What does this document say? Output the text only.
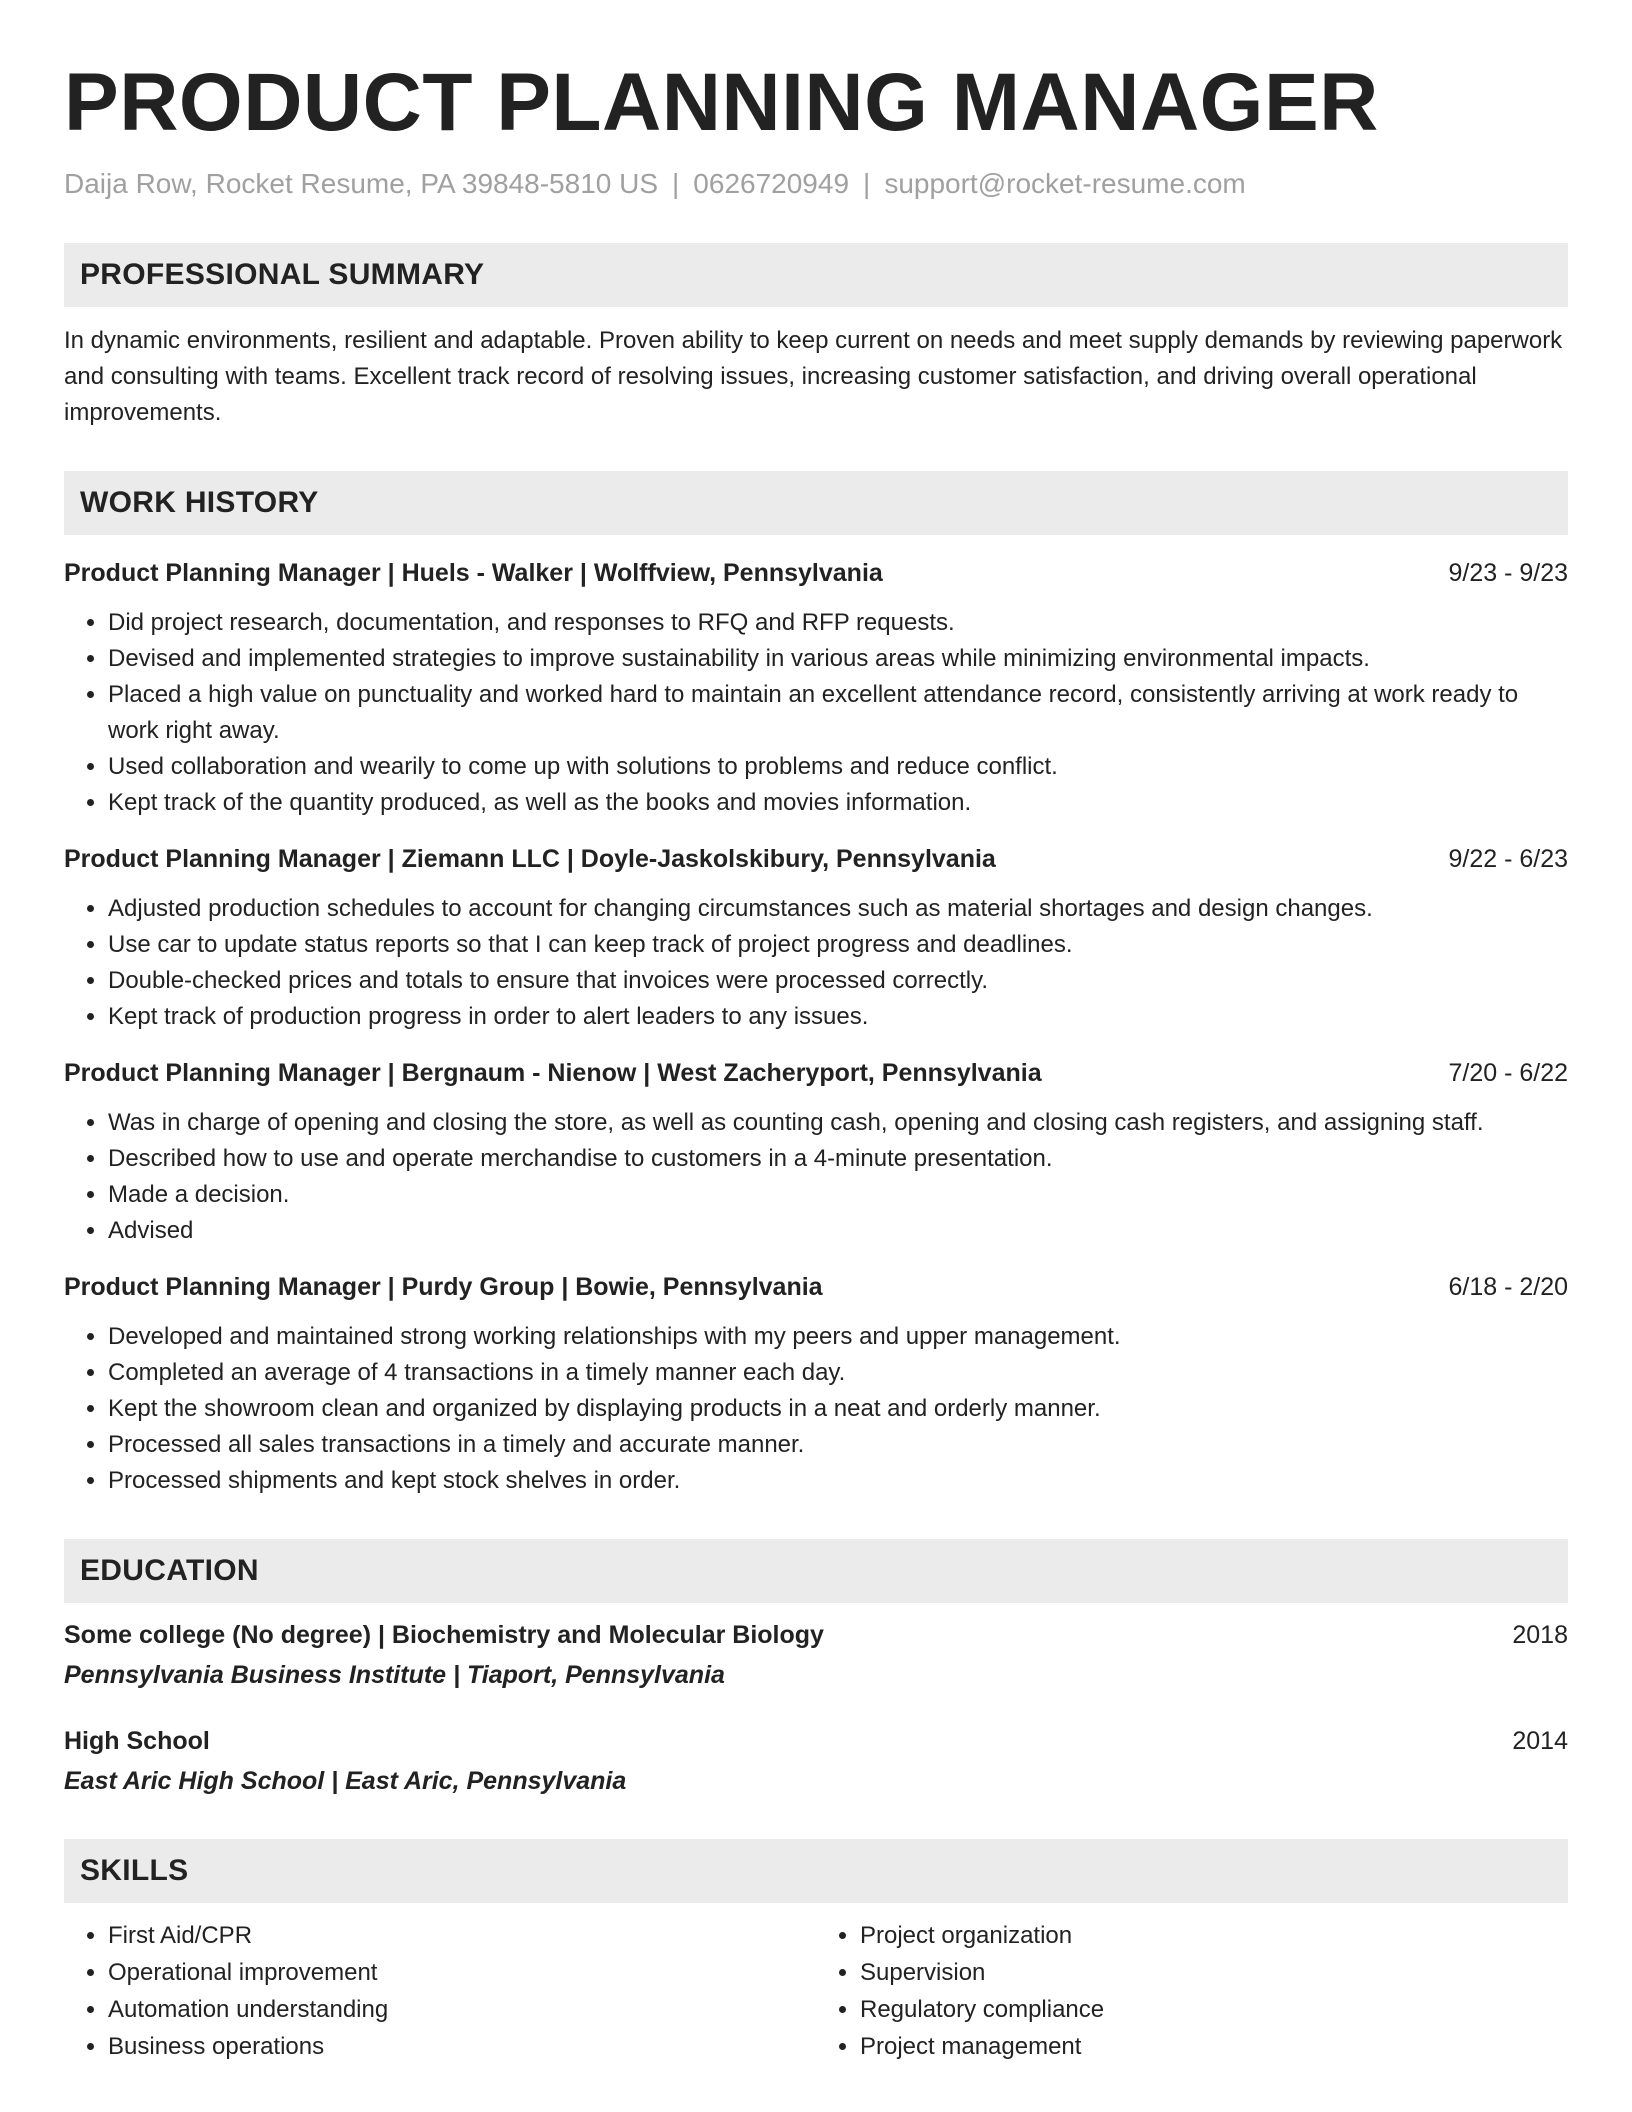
PRODUCT PLANNING MANAGER
Daija Row, Rocket Resume, PA 39848-5810 US | 0626720949 | support@rocket-resume.com
PROFESSIONAL SUMMARY

In dynamic environments, resilient and adaptable. Proven ability to keep current on needs and meet supply demands by reviewing paperwork and consulting with teams. Excellent track record of resolving issues, increasing customer satisfaction, and driving overall operational improvements.

WORK HISTORY
Product Planning Manager | Huels - Walker | Wolffview, Pennsylvania	9/23 - 9/23
• Did project research, documentation, and responses to RFQ and RFP requests.
• Devised and implemented strategies to improve sustainability in various areas while minimizing environmental impacts.
• Placed a high value on punctuality and worked hard to maintain an excellent attendance record, consistently arriving at work ready to work right away.
• Used collaboration and wearily to come up with solutions to problems and reduce conflict.
• Kept track of the quantity produced, as well as the books and movies information.
Product Planning Manager | Ziemann LLC | Doyle-Jaskolskibury, Pennsylvania	9/22 - 6/23
• Adjusted production schedules to account for changing circumstances such as material shortages and design changes.
• Use car to update status reports so that I can keep track of project progress and deadlines.
• Double-checked prices and totals to ensure that invoices were processed correctly.
• Kept track of production progress in order to alert leaders to any issues.
Product Planning Manager | Bergnaum - Nienow | West Zacheryport, Pennsylvania	7/20 - 6/22
• Was in charge of opening and closing the store, as well as counting cash, opening and closing cash registers, and assigning staff.
• Described how to use and operate merchandise to customers in a 4-minute presentation.
• Made a decision.
• Advised
Product Planning Manager | Purdy Group | Bowie, Pennsylvania	6/18 - 2/20
• Developed and maintained strong working relationships with my peers and upper management.
• Completed an average of 4 transactions in a timely manner each day.
• Kept the showroom clean and organized by displaying products in a neat and orderly manner.
• Processed all sales transactions in a timely and accurate manner.
• Processed shipments and kept stock shelves in order.
EDUCATION
Some college (No degree) | Biochemistry and Molecular Biology	2018
Pennsylvania Business Institute | Tiaport, Pennsylvania
High School	2014
East Aric High School | East Aric, Pennsylvania
SKILLS
• First Aid/CPR
• Operational improvement
• Automation understanding
• Business operations
• Project organization
• Supervision
• Regulatory compliance
• Project management
